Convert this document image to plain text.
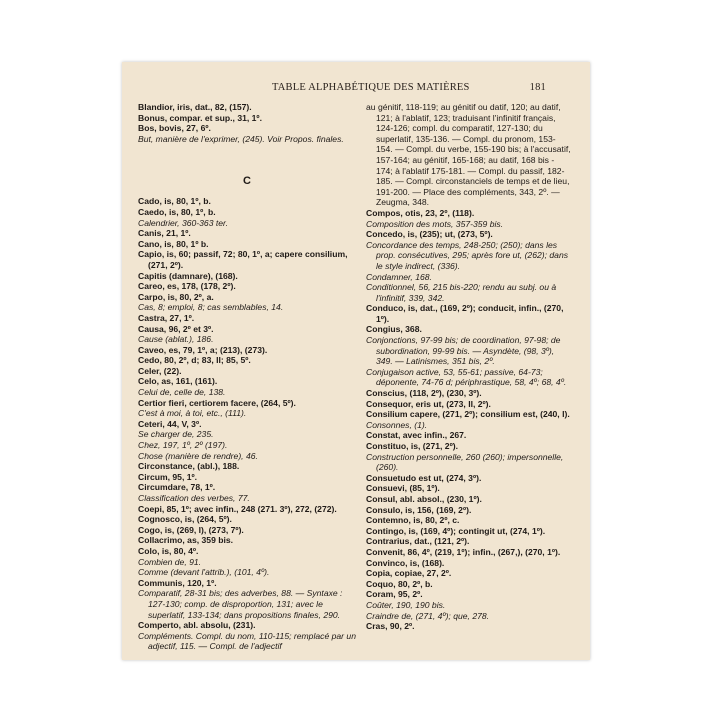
TABLE ALPHABÉTIQUE DES MATIÈRES	181
Blandior, iris, dat., 82, (157).
Bonus, compar. et sup., 31, 1º.
Bos, bovis, 27, 6º.
But, manière de l'exprimer, (245). Voir Propos. finales.
C
Cado, is, 80, 1º, b.
Caedo, is, 80, 1º, b.
Calendrier, 360-363 ter.
Canis, 21, 1º.
Cano, is, 80, 1º b.
Capio, is, 60; passif, 72; 80, 1º, a; capere consilium, (271, 2º).
Capitis (damnare), (168).
Careo, es, 178, (178, 2º).
Carpo, is, 80, 2º, a.
Cas, 8; emploi, 8; cas semblables, 14.
Castra, 27, 1º.
Causa, 96, 2º et 3º.
Cause (ablat.), 186.
Caveo, es, 79, 1º, a; (213), (273).
Cedo, 80, 2º, d; 83, II; 85, 5º.
Celer, (22).
Celo, as, 161, (161).
Celui de, celle de, 138.
Certior fieri, certiorem facere, (264, 5º).
C'est à moi, à toi, etc., (111).
Ceteri, 44, V, 3º.
Se charger de, 235.
Chez, 197, 1º, 2º (197).
Chose (manière de rendre), 46.
Circonstance, (abl.), 188.
Circum, 95, 1º.
Circumdare, 78, 1º.
Classification des verbes, 77.
Coepi, 85, 1º; avec infin., 248 (271. 3º), 272, (272).
Cognosco, is, (264, 5º).
Cogo, is, (269, I), (273, 7º).
Collacrimo, as, 359 bis.
Colo, is, 80, 4º.
Combien de, 91.
Comme (devant l'attrib.), (101, 4º).
Communis, 120, 1º.
Comparatif, 28-31 bis; des adverbes, 88. — Syntaxe : 127-130; comp. de disproportion, 131; avec le superlatif, 133-134; dans propositions finales, 290.
Comperto, abl. absolu, (231).
Compléments. Compl. du nom, 110-115; remplacé par un adjectif, 115. — Compl. de l'adjectif
au génitif, 118-119; au génitif ou datif, 120; au datif, 121; à l'ablatif, 123; traduisant l'infinitif français, 124-126; compl. du comparatif, 127-130; du superlatif, 135-136. — Compl. du pronom, 153-154. — Compl. du verbe, 155-190 bis; à l'accusatif, 157-164; au génitif, 165-168; au datif, 168 bis - 174; à l'ablatif 175-181. — Compl. du passif, 182-185. — Compl. circonstanciels de temps et de lieu, 191-200. — Place des compléments, 343, 2º. — Zeugma, 348.
Compos, otis, 23, 2º, (118).
Composition des mots, 357-359 bis.
Concedo, is, (235); ut, (273, 5º).
Concordance des temps, 248-250; (250); dans les prop. consécutives, 295; après fore ut, (262); dans le style indirect, (336).
Condamner, 168.
Conditionnel, 56, 215 bis-220; rendu au subj. ou à l'infinitif, 339, 342.
Conduco, is, dat., (169, 2º); conducit, infin., (270, 1º).
Congius, 368.
Conjonctions, 97-99 bis; de coordination, 97-98; de subordination, 99-99 bis. — Asyndète, (98, 3º), 349. — Latinismes, 351 bis, 2º.
Conjugaison active, 53, 55-61; passive, 64-73; déponente, 74-76 d; périphrastique, 58, 4º; 68, 4º.
Conscius, (118, 2º), (230, 3º).
Consequor, eris ut, (273, II, 2º).
Consilium capere, (271, 2º); consilium est, (240, I).
Consonnes, (1).
Constat, avec infin., 267.
Constituo, is, (271, 2º).
Construction personnelle, 260 (260); impersonnelle, (260).
Consuetudo est ut, (274, 3º).
Consuevi, (85, 1º).
Consul, abl. absol., (230, 1º).
Consulo, is, 156, (169, 2º).
Contemno, is, 80, 2º, c.
Contingo, is, (169, 4º); contingit ut, (274, 1º).
Contrarius, dat., (121, 2º).
Convenit, 86, 4º, (219, 1º); infin., (267,), (270, 1º).
Convinco, is, (168).
Copia, copiae, 27, 2º.
Coquo, 80, 2º, b.
Coram, 95, 2º.
Coûter, 190, 190 bis.
Craindre de, (271, 4º); que, 278.
Cras, 90, 2º.
